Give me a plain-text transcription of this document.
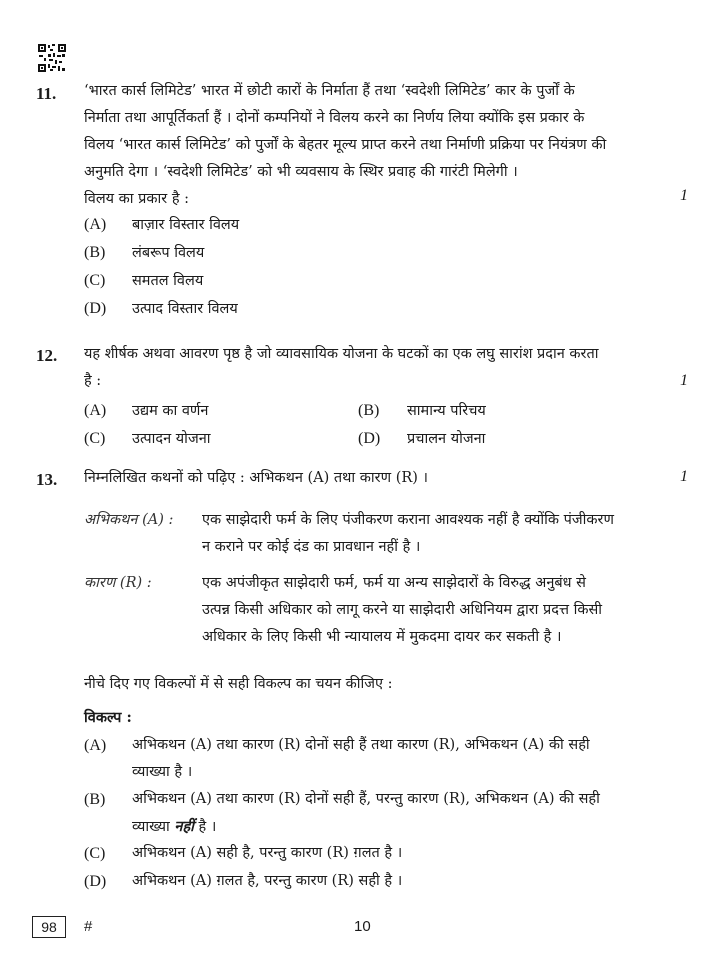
11. ‘भारत कार्स लिमिटेड’ भारत में छोटी कारों के निर्माता हैं तथा ‘स्वदेशी लिमिटेड’ कार के पुर्जों के
निर्माता तथा आपूर्तिकर्ता हैं । दोनों कम्पनियों ने विलय करने का निर्णय लिया क्योंकि इस प्रकार के
विलय ‘भारत कार्स लिमिटेड’ को पुर्जों के बेहतर मूल्य प्राप्त करने तथा निर्माणी प्रक्रिया पर नियंत्रण की
अनुमति देगा । ‘स्वदेशी लिमिटेड’ को भी व्यवसाय के स्थिर प्रवाह की गारंटी मिलेगी ।
विलय का प्रकार है :	1
(A) बाज़ार विस्तार विलय
(B) लंबरूप विलय
(C) समतल विलय
(D) उत्पाद विस्तार विलय
12. यह शीर्षक अथवा आवरण पृष्ठ है जो व्यावसायिक योजना के घटकों का एक लघु सारांश प्रदान करता
है :	1
(A) उद्यम का वर्णन	(B) सामान्य परिचय
(C) उत्पादन योजना	(D) प्रचालन योजना
13. निम्नलिखित कथनों को पढ़िए : अभिकथन (A) तथा कारण (R) ।	1
अभिकथन (A) : एक साझेदारी फर्म के लिए पंजीकरण कराना आवश्यक नहीं है क्योंकि पंजीकरण
न कराने पर कोई दंड का प्रावधान नहीं है ।
कारण (R) :	एक अपंजीकृत साझेदारी फर्म, फर्म या अन्य साझेदारों के विरुद्ध अनुबंध से
उत्पन्न किसी अधिकार को लागू करने या साझेदारी अधिनियम द्वारा प्रदत्त किसी
अधिकार के लिए किसी भी न्यायालय में मुकदमा दायर कर सकती है ।
नीचे दिए गए विकल्पों में से सही विकल्प का चयन कीजिए :
विकल्प :
(A) अभिकथन (A) तथा कारण (R) दोनों सही हैं तथा कारण (R), अभिकथन (A) की सही
व्याख्या है ।
(B) अभिकथन (A) तथा कारण (R) दोनों सही हैं, परन्तु कारण (R), अभिकथन (A) की सही
व्याख्या नहीं है ।
(C) अभिकथन (A) सही है, परन्तु कारण (R) ग़लत है ।
(D) अभिकथन (A) ग़लत है, परन्तु कारण (R) सही है ।
98	#	10
